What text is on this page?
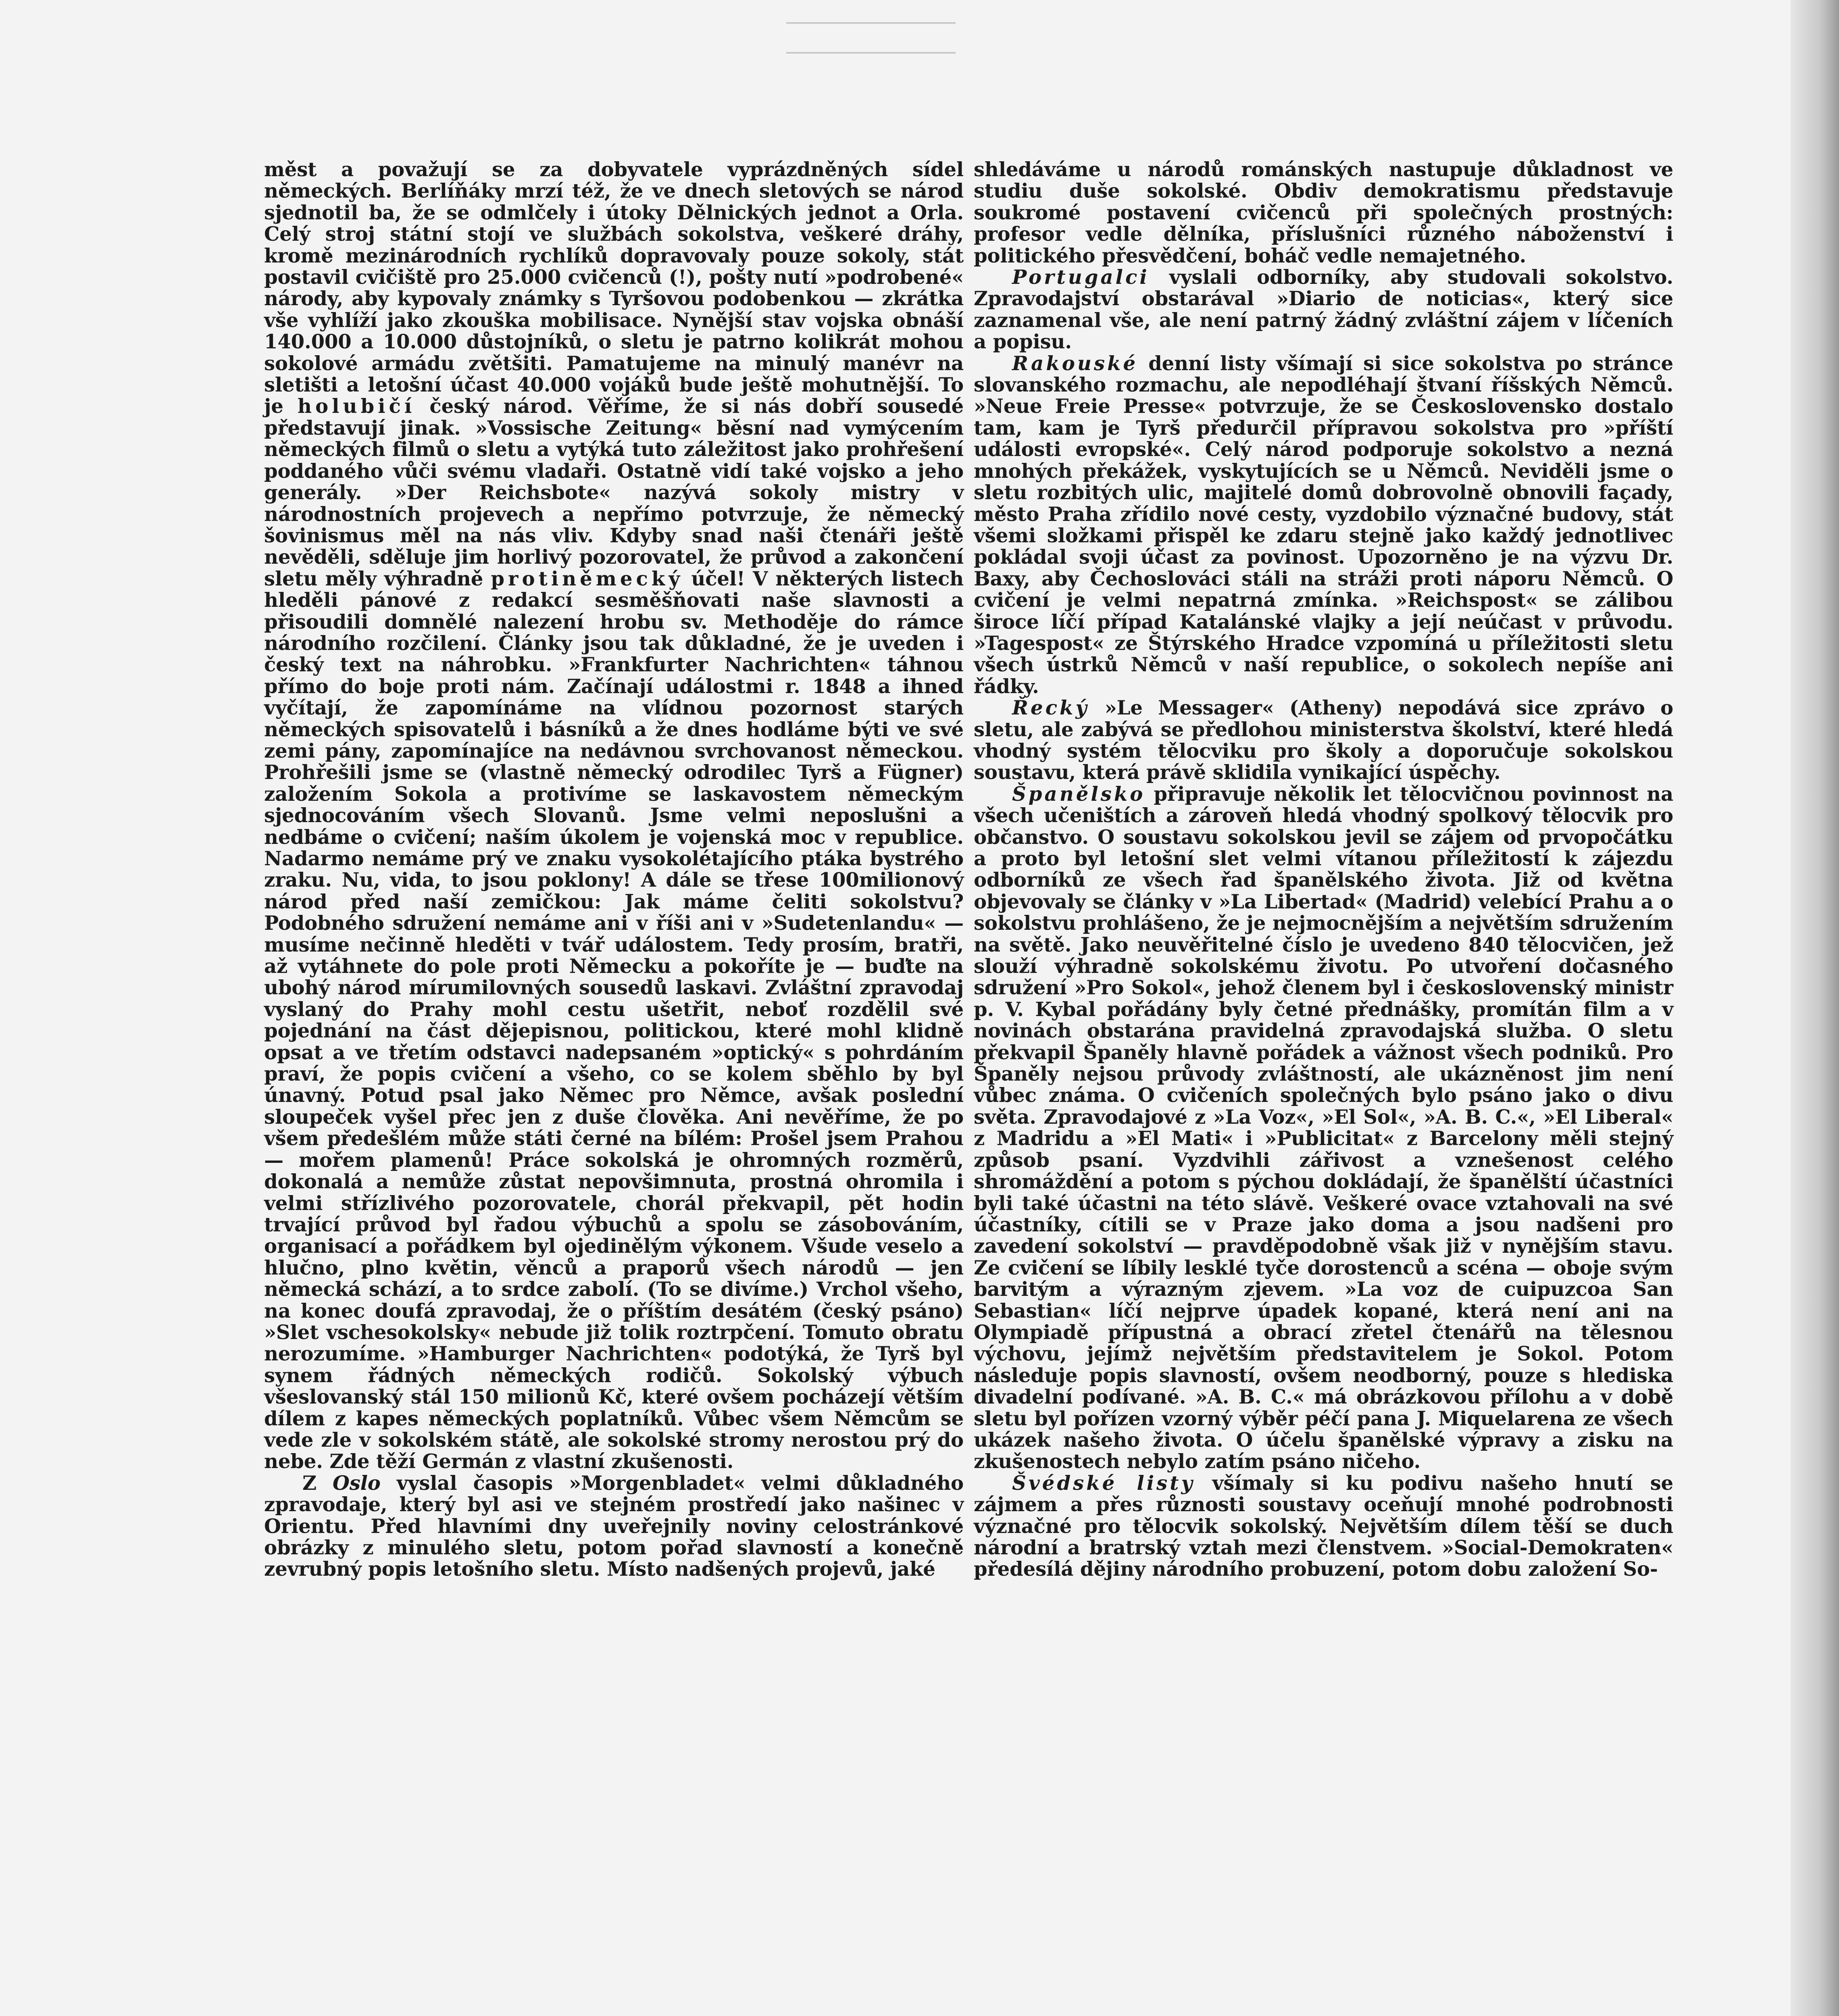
měst a považují se za dobyvatele vyprázdněných sídel německých. Berlíňáky mrzí též, že ve dnech sletových se národ sjednotil ba, že se odmlčely i útoky Dělnických jednot a Orla. Celý stroj státní stojí ve službách sokolstva, veškeré dráhy, kromě mezinárodních rychlíků dopravovaly pouze sokoly, stát postavil cvičiště pro 25.000 cvičenců (!), pošty nutí »podrobené« národy, aby kypovaly známky s Tyršovou podobenkou — zkrátka vše vyhlíží jako zkouška mobilisace. Nynější stav vojska obnáší 140.000 a 10.000 důstojníků, o sletu je patrno kolikrát mohou sokolové armádu zvětšiti. Pamatujeme na minulý manévr na sletišti a letošní účast 40.000 vojáků bude ještě mohutnější. To je holubičí český národ. Věříme, že si nás dobří sousedé představují jinak. »Vossische Zeitung« běsní nad vymýcením německých filmů o sletu a vytýká tuto záležitost jako prohřešení poddaného vůči svému vladaři. Ostatně vidí také vojsko a jeho generály. »Der Reichsbote« nazývá sokoly mistry v národnostních projevech a nepřímo potvrzuje, že německý šovinismus měl na nás vliv. Kdyby snad naši čtenáři ještě nevěděli, sděluje jim horlivý pozorovatel, že průvod a zakončení sletu měly výhradně protiněmecký účel! V některých listech hleděli pánové z redakcí sesměšňovati naše slavnosti a přisoudili domnělé nalezení hrobu sv. Methoděje do rámce národního rozčilení. Články jsou tak důkladné, že je uveden i český text na náhrobku. »Frankfurter Nachrichten« táhnou přímo do boje proti nám. Začínají událostmi r. 1848 a ihned vyčítají, že zapomínáme na vlídnou pozornost starých německých spisovatelů i básníků a že dnes hodláme býti ve své zemi pány, zapomínajíce na nedávnou svrchovanost německou. Prohřešili jsme se (vlastně německý odrodilec Tyrš a Fügner) založením Sokola a protivíme se laskavostem německým sjednocováním všech Slovanů. Jsme velmi neposlušni a nedbáme o cvičení; naším úkolem je vojenská moc v republice. Nadarmo nemáme prý ve znaku vysokolétajícího ptáka bystrého zraku. Nu, vida, to jsou poklony! A dále se třese 100milionový národ před naší zemičkou: Jak máme čeliti sokolstvu? Podobného sdružení nemáme ani v říši ani v »Sudetenlandu« — musíme nečinně hleděti v tvář událostem. Tedy prosím, bratři, až vytáhnete do pole proti Německu a pokoříte je — buďte na ubohý národ mírumilovných sousedů laskavi. Zvláštní zpravodaj vyslaný do Prahy mohl cestu ušetřit, neboť rozdělil své pojednání na část dějepisnou, politickou, které mohl klidně opsat a ve třetím odstavci nadepsaném »optický« s pohrdáním praví, že popis cvičení a všeho, co se kolem sběhlo by byl únavný. Potud psal jako Němec pro Němce, avšak poslední sloupeček vyšel přec jen z duše člověka. Ani nevěříme, že po všem předešlém může státi černé na bílém: Prošel jsem Prahou — mořem plamenů! Práce sokolská je ohromných rozměrů, dokonalá a nemůže zůstat nepovšimnuta, prostná ohromila i velmi střízlivého pozorovatele, chorál překvapil, pět hodin trvající průvod byl řadou výbuchů a spolu se zásobováním, organisací a pořádkem byl ojedinělým výkonem. Všude veselo a hlučno, plno květin, věnců a praporů všech národů — jen německá schází, a to srdce zabolí. (To se divíme.) Vrchol všeho, na konec doufá zpravodaj, že o příštím desátém (český psáno) »Slet vschesokolsky« nebude již tolik roztrpčení. Tomuto obratu nerozumíme. »Hamburger Nachrichten« podotýká, že Tyrš byl synem řádných německých rodičů. Sokolský výbuch všeslovanský stál 150 milionů Kč, které ovšem pocházejí větším dílem z kapes německých poplatníků. Vůbec všem Němcům se vede zle v sokolském státě, ale sokolské stromy nerostou prý do nebe. Zde těží Germán z vlastní zkušenosti.

Z Oslo vyslal časopis »Morgenbladet« velmi důkladného zpravodaje, který byl asi ve stejném prostředí jako našinec v Orientu. Před hlavními dny uveřejnily noviny celostránkové obrázky z minulého sletu, potom pořad slavností a konečně zevrubný popis letošního sletu. Místo nadšených projevů, jaké

shledáváme u národů románských nastupuje důkladnost ve studiu duše sokolské. Obdiv demokratismu představuje soukromé postavení cvičenců při společných prostných: profesor vedle dělníka, příslušníci různého náboženství i politického přesvědčení, boháč vedle nemajetného.

Portugalci vyslali odborníky, aby studovali sokolstvo. Zpravodajství obstarával »Diario de noticias«, který sice zaznamenal vše, ale není patrný žádný zvláštní zájem v líčeních a popisu.

Rakouské denní listy všímají si sice sokolstva po stránce slovanského rozmachu, ale nepodléhají štvaní říšských Němců. »Neue Freie Presse« potvrzuje, že se Československo dostalo tam, kam je Tyrš předurčil přípravou sokolstva pro »příští události evropské«. Celý národ podporuje sokolstvo a nezná mnohých překážek, vyskytujících se u Němců. Neviděli jsme o sletu rozbitých ulic, majitelé domů dobrovolně obnovili façady, město Praha zřídilo nové cesty, vyzdobilo význačné budovy, stát všemi složkami přispěl ke zdaru stejně jako každý jednotlivec pokládal svoji účast za povinost. Upozorněno je na výzvu Dr. Baxy, aby Čechoslováci stáli na stráži proti náporu Němců. O cvičení je velmi nepatrná zmínka. »Reichspost« se zálibou široce líčí případ Katalánské vlajky a její neúčast v průvodu. »Tagespost« ze Štýrského Hradce vzpomíná u příležitosti sletu všech ústrků Němců v naší republice, o sokolech nepíše ani řádky.

Řecký »Le Messager« (Atheny) nepodává sice zprávo o sletu, ale zabývá se předlohou ministerstva školství, které hledá vhodný systém tělocviku pro školy a doporučuje sokolskou soustavu, která právě sklidila vynikající úspěchy.

Španělsko připravuje několik let tělocvičnou povinnost na všech učeništích a zároveň hledá vhodný spolkový tělocvik pro občanstvo. O soustavu sokolskou jevil se zájem od prvopočátku a proto byl letošní slet velmi vítanou příležitostí k zájezdu odborníků ze všech řad španělského života. Již od května objevovaly se články v »La Libertad« (Madrid) velebící Prahu a o sokolstvu prohlášeno, že je nejmocnějším a největším sdružením na světě. Jako neuvěřitelné číslo je uvedeno 840 tělocvičen, jež slouží výhradně sokolskému životu. Po utvoření dočasného sdružení »Pro Sokol«, jehož členem byl i československý ministr p. V. Kybal pořádány byly četné přednášky, promítán film a v novinách obstarána pravidelná zpravodajská služba. O sletu překvapil Španěly hlavně pořádek a vážnost všech podniků. Pro Španěly nejsou průvody zvláštností, ale ukázněnost jim není vůbec známa. O cvičeních společných bylo psáno jako o divu světa. Zpravodajové z »La Voz«, »El Sol«, »A. B. C.«, »El Liberal« z Madridu a »El Mati« i »Publicitat« z Barcelony měli stejný způsob psaní. Vyzdvihli zářivost a vznešenost celého shromáždění a potom s pýchou dokládají, že španělští účastníci byli také účastni na této slávě. Veškeré ovace vztahovali na své účastníky, cítili se v Praze jako doma a jsou nadšeni pro zavedení sokolství — pravděpodobně však již v nynějším stavu. Ze cvičení se líbily lesklé tyče dorostenců a scéna — oboje svým barvitým a výrazným zjevem. »La voz de cuipuzcoa San Sebastian« líčí nejprve úpadek kopané, která není ani na Olympiadě přípustná a obrací zřetel čtenářů na tělesnou výchovu, jejímž největším představitelem je Sokol. Potom následuje popis slavností, ovšem neodborný, pouze s hlediska divadelní podívané. »A. B. C.« má obrázkovou přílohu a v době sletu byl pořízen vzorný výběr péčí pana J. Miquelarena ze všech ukázek našeho života. O účelu španělské výpravy a zisku na zkušenostech nebylo zatím psáno ničeho.

Švédské listy všímaly si ku podivu našeho hnutí se zájmem a přes různosti soustavy oceňují mnohé podrobnosti význačné pro tělocvik sokolský. Největším dílem těší se duch národní a bratrský vztah mezi členstvem. »Social-Demokraten« předesílá dějiny národního probuzení, potom dobu založení So-
